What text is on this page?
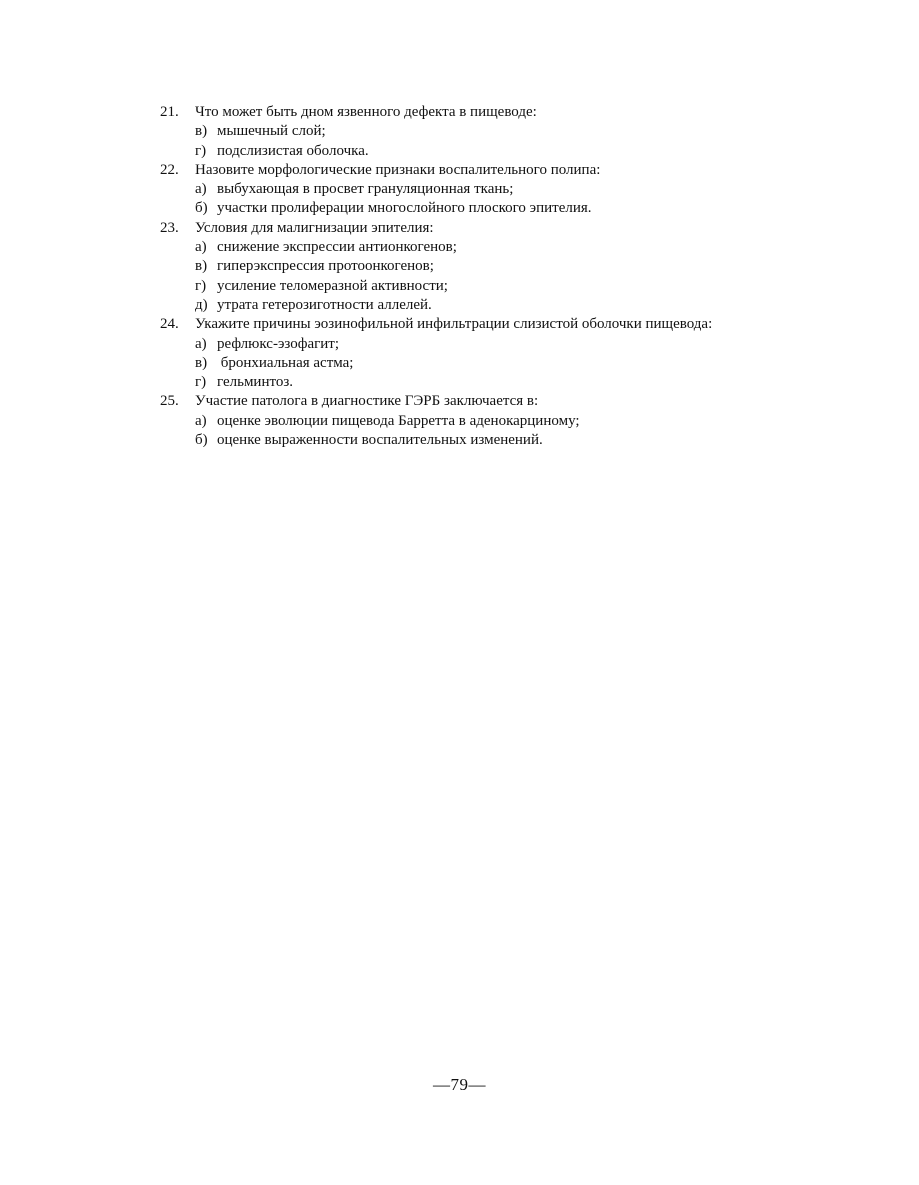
21.	Что может быть дном язвенного дефекта в пищеводе:
в) мышечный слой;
г) подслизистая оболочка.
22.	Назовите морфологические признаки воспалительного полипа:
а) выбухающая в просвет грануляционная ткань;
б) участки пролиферации многослойного плоского эпителия.
23.	Условия для малигнизации эпителия:
а) снижение экспрессии антионкогенов;
в) гиперэкспрессия протоонкогенов;
г) усиление теломеразной активности;
д) утрата гетерозиготности аллелей.
24.	Укажите причины эозинофильной инфильтрации слизистой оболочки пищевода:
а) рефлюкс-эзофагит;
в) бронхиальная астма;
г) гельминтоз.
25.	Участие патолога в диагностике ГЭРБ заключается в:
а) оценке эволюции пищевода Барретта в аденокарциному;
б) оценке выраженности воспалительных изменений.
—79—
